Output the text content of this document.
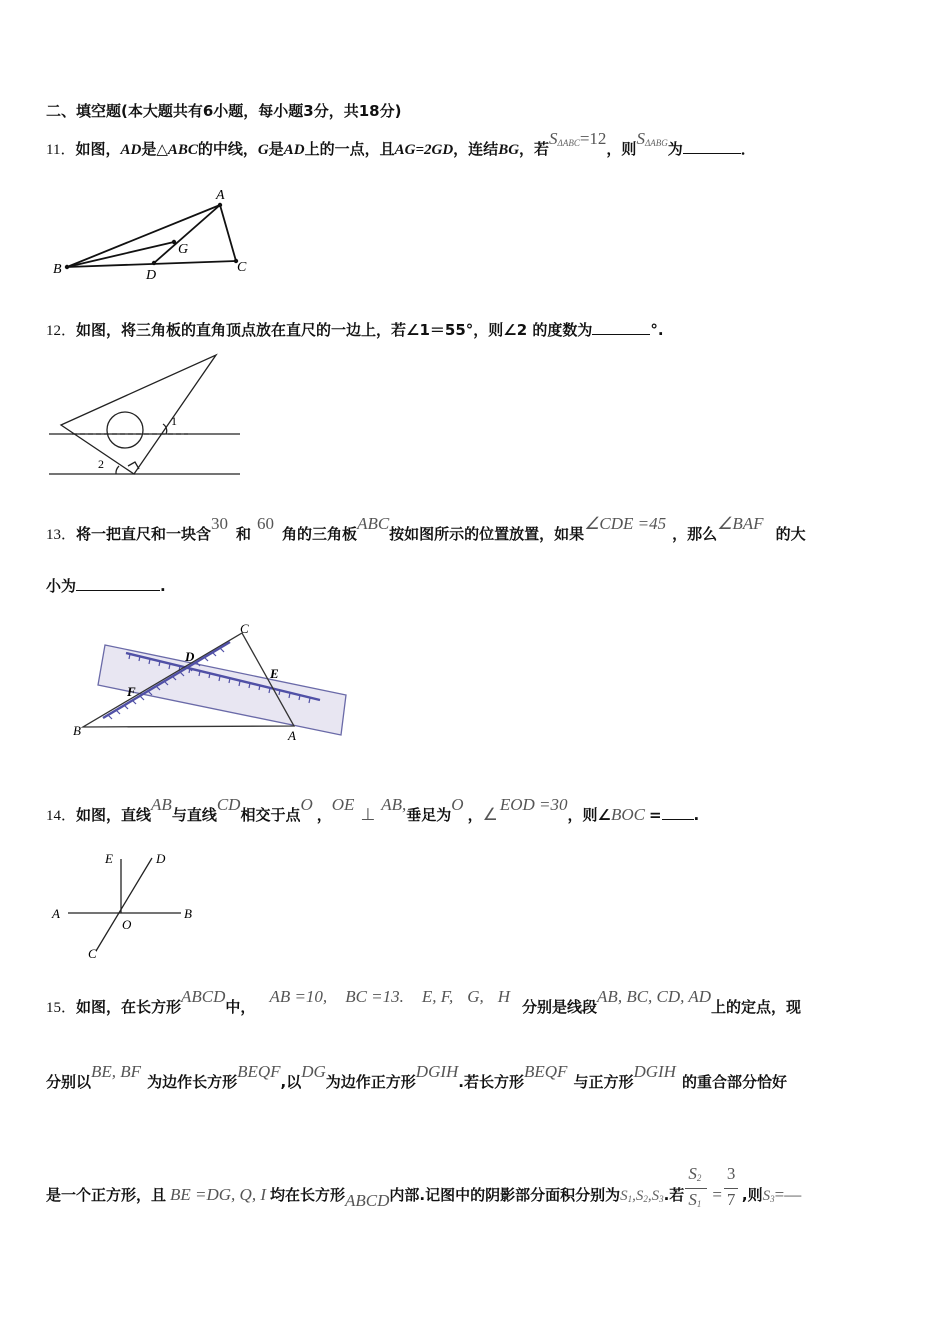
二、填空题(本大题共有6小题，每小题3分，共18分)
11．如图，AD是△ABC的中线，G是AD上的一点，且AG=2GD，连结BG，若$S_{\Delta ABC}=12$，则$S_{\Delta ABG}$为	．
A
B	C
D
G
12．如图，将三角板的直角顶点放在直尺的一边上，若∠1＝55°，则∠2 的度数为	°.
1
2
13．将一把直尺和一块含30和60角的三角板ABC按如图所示的位置放置，如果∠CDE =45，那么∠BAF的大
小为	.
B	A
C
D
E
F
14．如图，直线AB与直线CD相交于点O，OE⊥AB,垂足为O，∠EOD =30，则∠BOC = .
A	B
C
D
E
O
15．如图，在长方形ABCD中，AB =10, BC =13. E, F, G, H分别是线段AB, BC, CD, AD上的定点，现
分别以BE, BF为边作长方形BEQF,以DG为边作正方形DGIH.若长方形BEQF与正方形DGIH的重合部分恰好
是一个正方形，且 BE =DG, Q, I 均在长方形ABCD内部.记图中的阴影部分面积分别为$S_1,S_2,S_3$.若 $\frac{S_2}{S_1} = \frac{3}{7}$ ,则$S_3=—$
